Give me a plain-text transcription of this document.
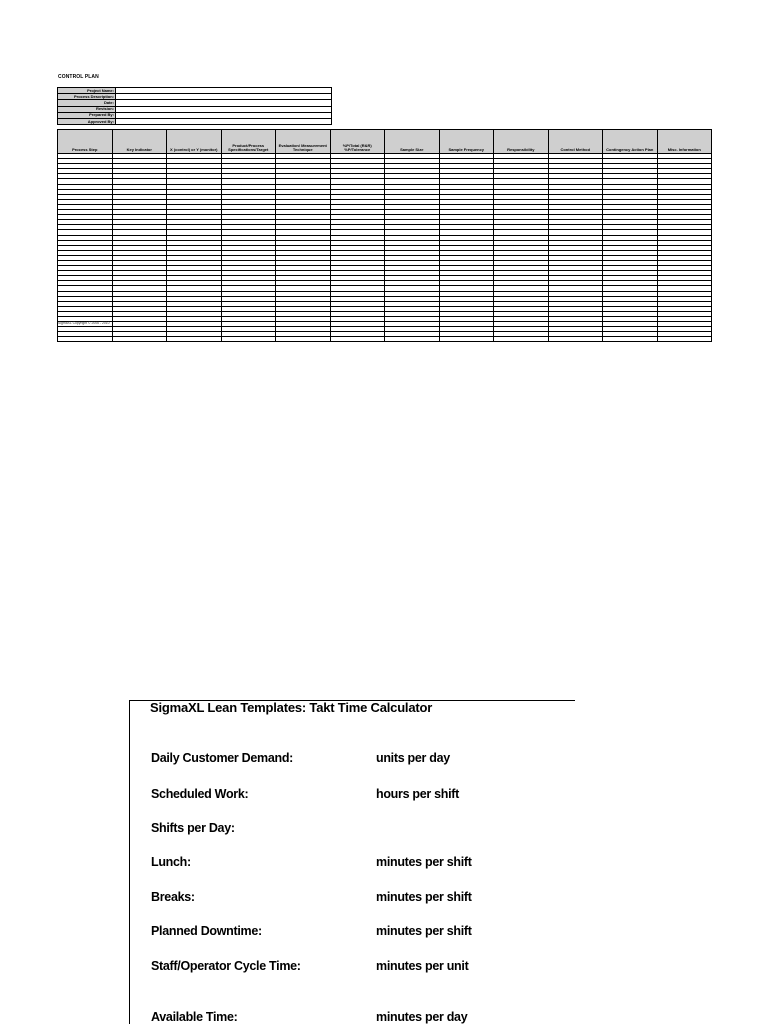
CONTROL PLAN
Project Name:	
Process Description:	
Date:	
Revision:	
Prepared By:	
Approved By:	
Process Step	Key Indicator	X (control) or Y (monitor)	Product/Process Specifications/Target	Evaluation/ Measurement Technique	%P/Total (R&R) %P/Tolerance	Sample Size	Sample Frequency	Responsibility	Control Method	Contingency Action Plan	Misc. Information

SigmaXL Copyright © 2006 - 2010
SigmaXL Lean Templates: Takt Time Calculator
Daily Customer Demand:	units per day
Scheduled Work:	hours per shift
Shifts per Day:
Lunch:	minutes per shift
Breaks:	minutes per shift
Planned Downtime:	minutes per shift
Staff/Operator Cycle Time:	minutes per unit
Available Time:	minutes per day
